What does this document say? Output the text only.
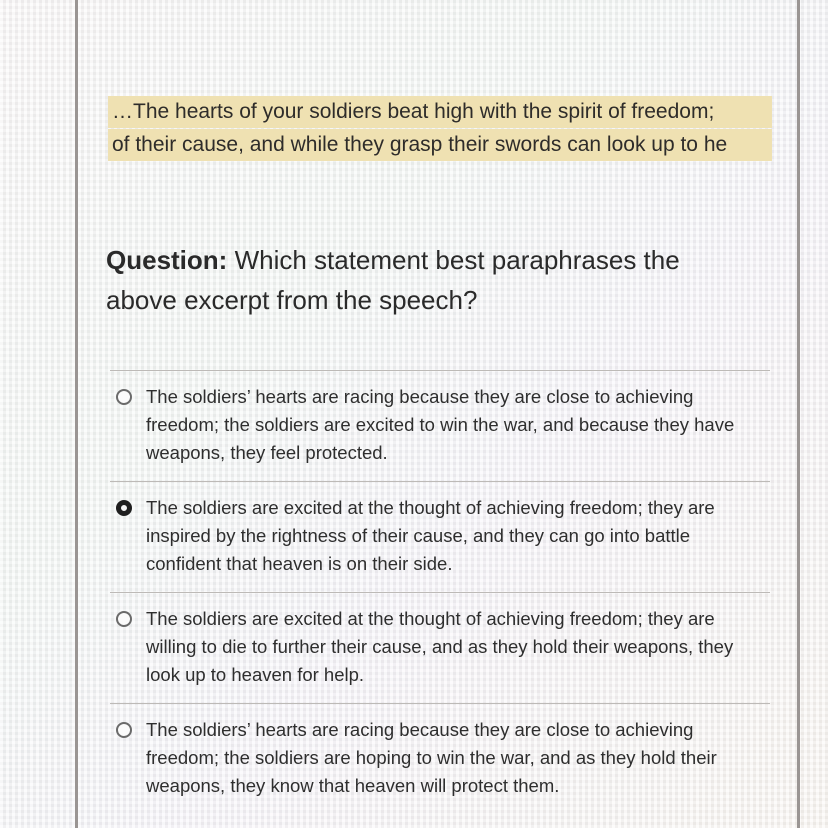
…The hearts of your soldiers beat high with the spirit of freedom;
of their cause, and while they grasp their swords can look up to he
Question: Which statement best paraphrases the above excerpt from the speech?
The soldiers’ hearts are racing because they are close to achieving freedom; the soldiers are excited to win the war, and because they have weapons, they feel protected.
The soldiers are excited at the thought of achieving freedom; they are inspired by the rightness of their cause, and they can go into battle confident that heaven is on their side.
The soldiers are excited at the thought of achieving freedom; they are willing to die to further their cause, and as they hold their weapons, they look up to heaven for help.
The soldiers’ hearts are racing because they are close to achieving freedom; the soldiers are hoping to win the war, and as they hold their weapons, they know that heaven will protect them.
